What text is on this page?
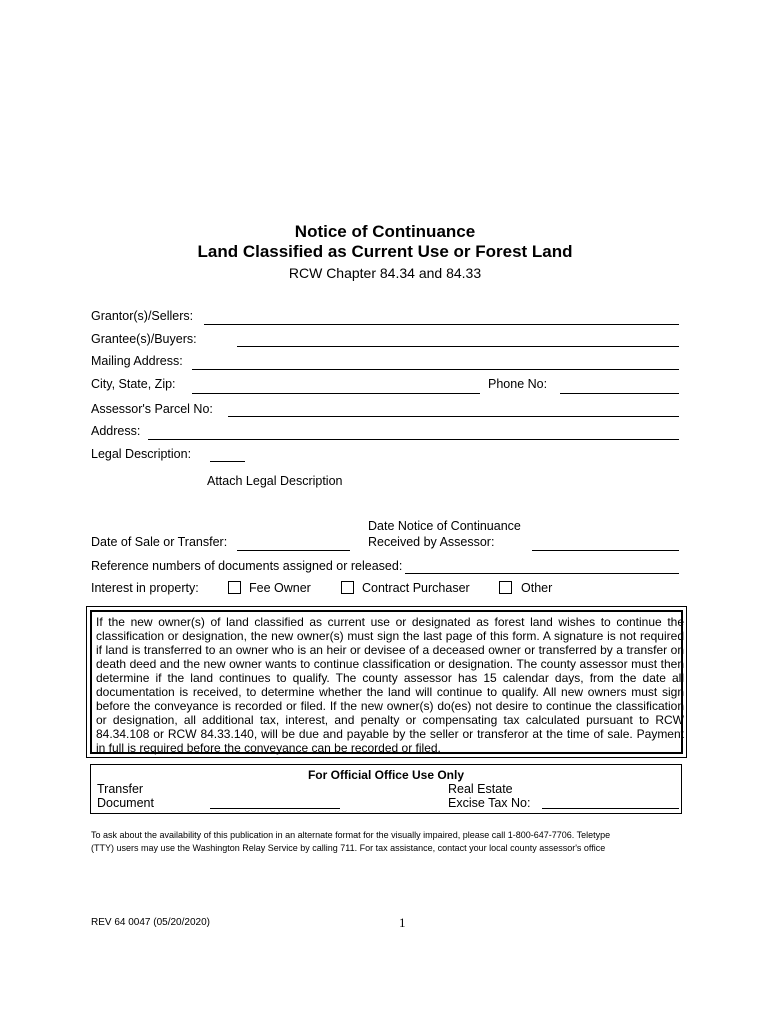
Notice of Continuance
Land Classified as Current Use or Forest Land
RCW Chapter 84.34 and 84.33
Grantor(s)/Sellers:
Grantee(s)/Buyers:
Mailing Address:
City, State, Zip:	Phone No:
Assessor's Parcel No:
Address:
Legal Description:
Attach Legal Description
Date of Sale or Transfer:
Date Notice of Continuance
Received by Assessor:
Reference numbers of documents assigned or released:
Interest in property:	Fee Owner	Contract Purchaser	Other
If the new owner(s) of land classified as current use or designated as forest land wishes to continue the classification or designation, the new owner(s) must sign the last page of this form. A signature is not required if land is transferred to an owner who is an heir or devisee of a deceased owner or transferred by a transfer on death deed and the new owner wants to continue classification or designation. The county assessor must then determine if the land continues to qualify. The county assessor has 15 calendar days, from the date all documentation is received, to determine whether the land will continue to qualify. All new owners must sign before the conveyance is recorded or filed. If the new owner(s) do(es) not desire to continue the classification or designation, all additional tax, interest, and penalty or compensating tax calculated pursuant to RCW 84.34.108 or RCW 84.33.140, will be due and payable by the seller or transferor at the time of sale. Payment in full is required before the conveyance can be recorded or filed.
For Official Office Use Only
Transfer
Document
Real Estate
Excise Tax No:
To ask about the availability of this publication in an alternate format for the visually impaired, please call 1-800-647-7706. Teletype
(TTY) users may use the Washington Relay Service by calling 711. For tax assistance, contact your local county assessor's office
REV 64 0047 (05/20/2020)	1
